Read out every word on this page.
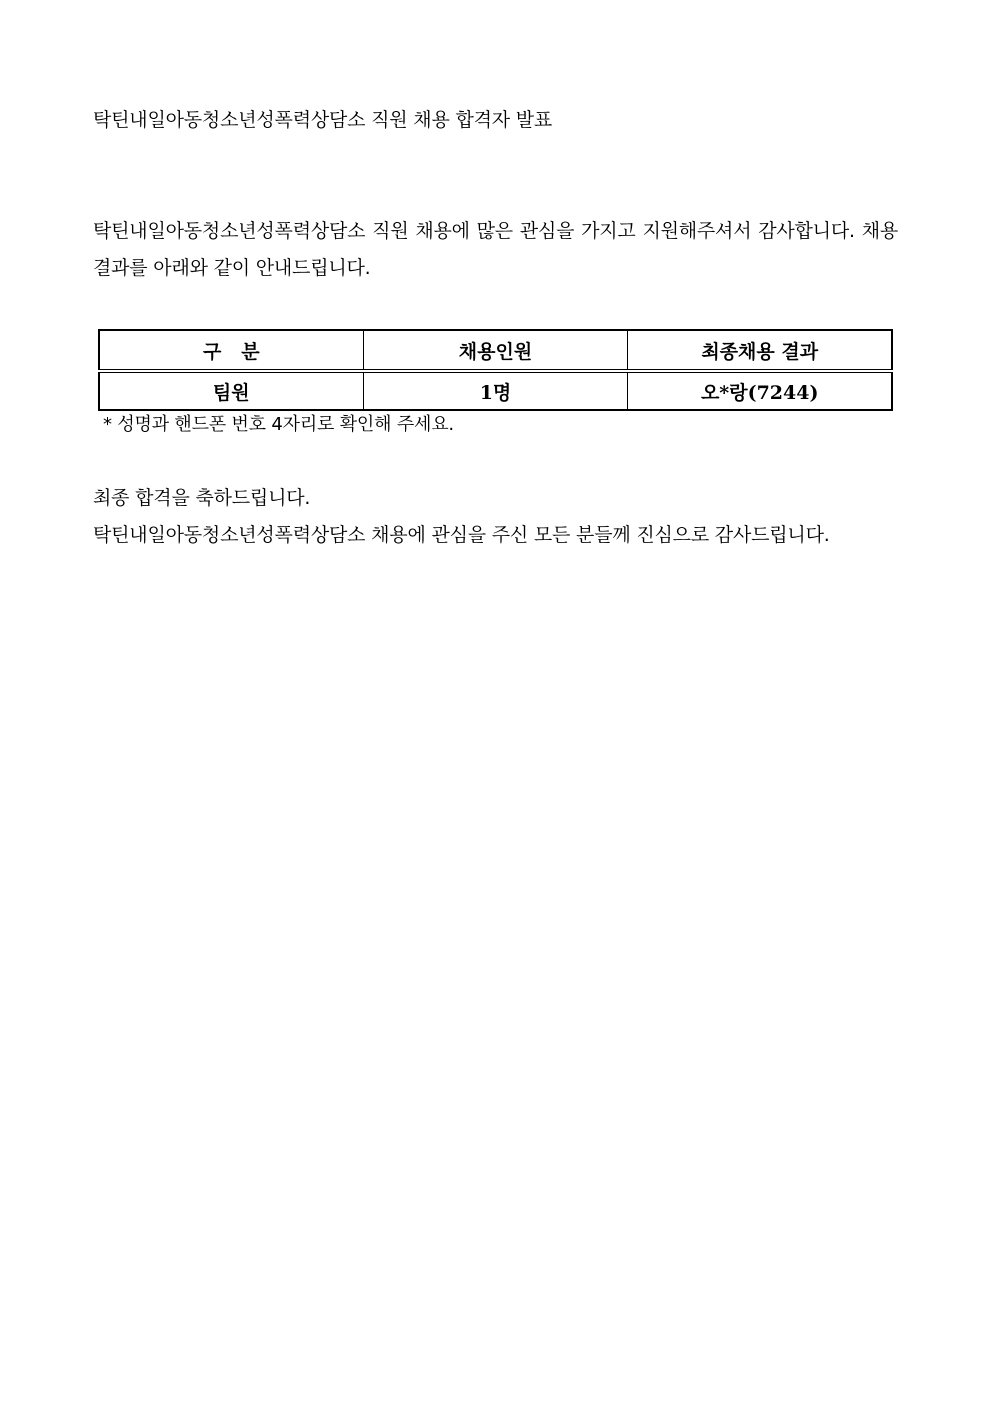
탁틴내일아동청소년성폭력상담소 직원 채용 합격자 발표
탁틴내일아동청소년성폭력상담소 직원 채용에 많은 관심을 가지고 지원해주셔서 감사합니다. 채용 결과를 아래와 같이 안내드립니다.
구   분	채용인원	최종채용 결과
팀원	1명	오*랑(7244)
* 성명과 핸드폰 번호 4자리로 확인해 주세요.
최종 합격을 축하드립니다.
탁틴내일아동청소년성폭력상담소 채용에 관심을 주신 모든 분들께 진심으로 감사드립니다.
